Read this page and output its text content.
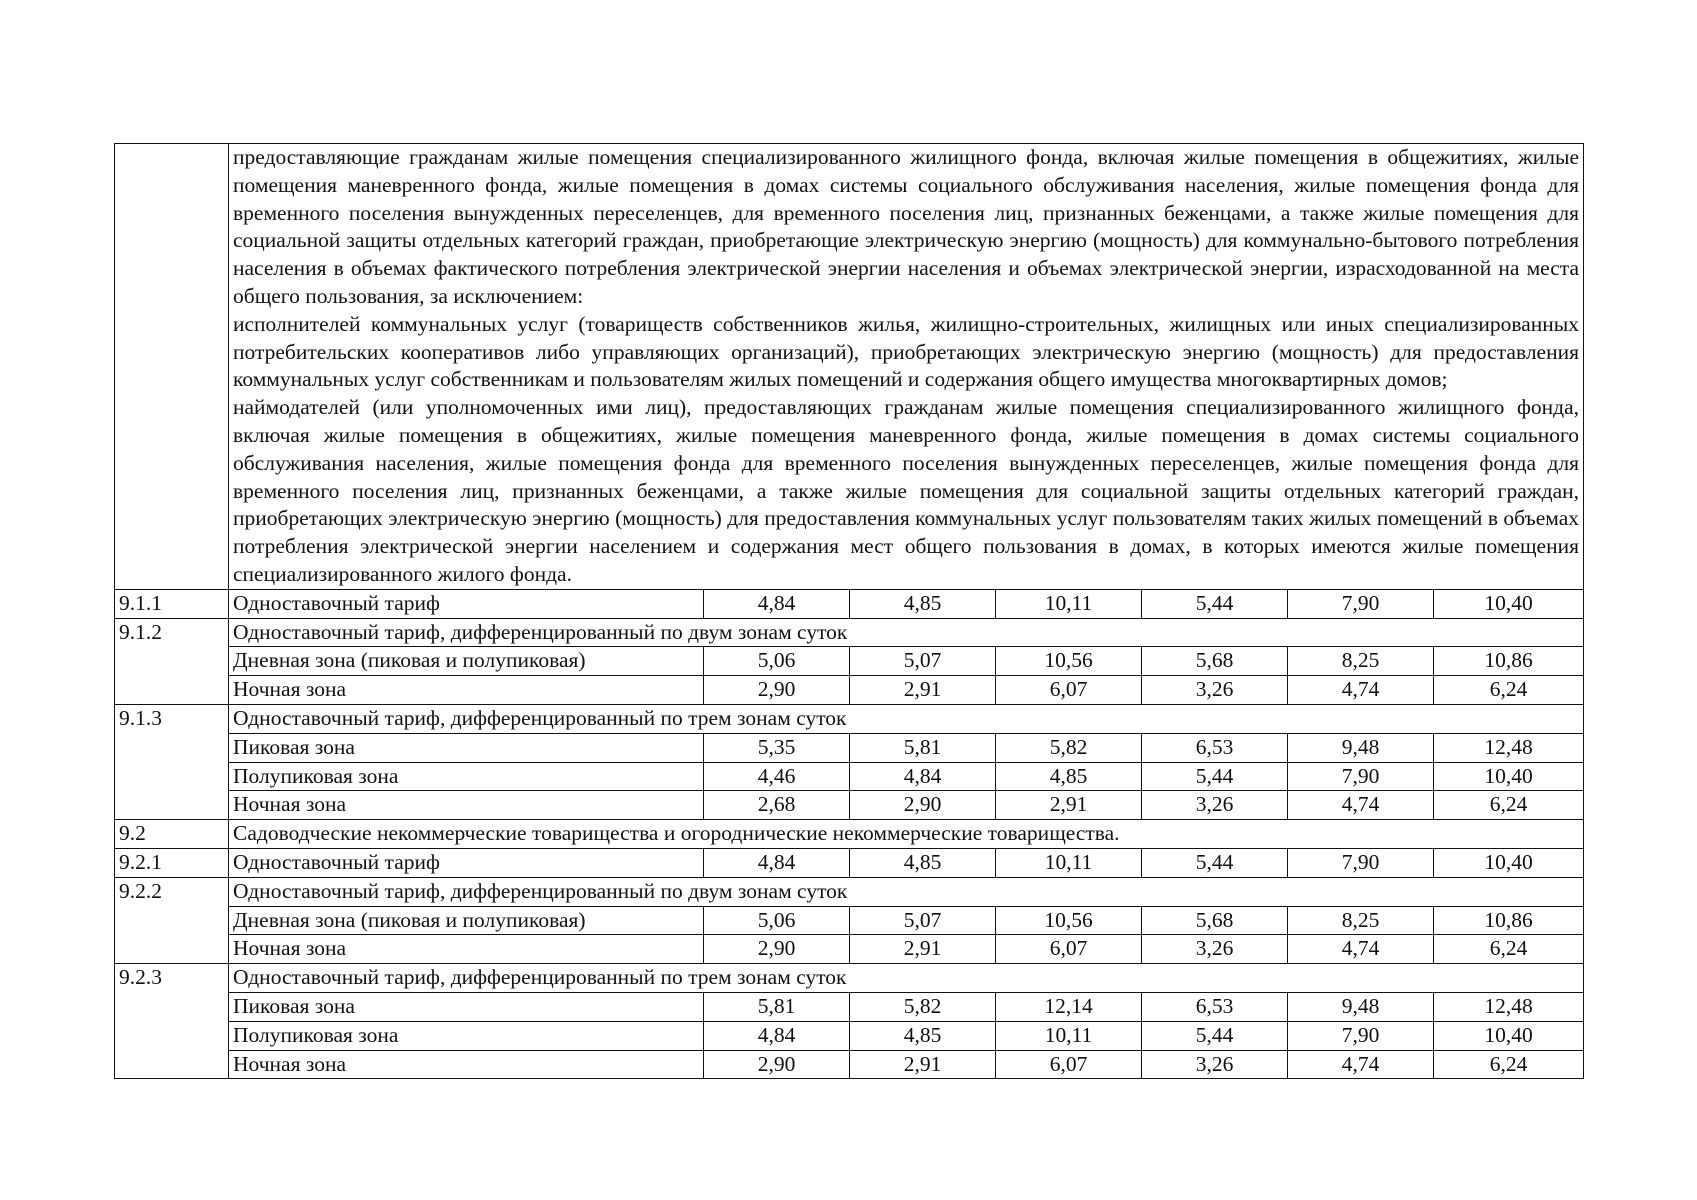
	предоставляющие гражданам жилые помещения специализированного жилищного фонда, включая жилые помещения в общежитиях, жилые помещения маневренного фонда, жилые помещения в домах системы социального обслуживания населения, жилые помещения фонда для временного поселения вынужденных переселенцев, для временного поселения лиц, признанных беженцами, а также жилые помещения для социальной защиты отдельных категорий граждан, приобретающие электрическую энергию (мощность) для коммунально-бытового потребления населения в объемах фактического потребления электрической энергии населения и объемах электрической энергии, израсходованной на места общего пользования, за исключением:

исполнителей коммунальных услуг (товариществ собственников жилья, жилищно-строительных, жилищных или иных специализированных потребительских кооперативов либо управляющих организаций), приобретающих электрическую энергию (мощность) для предоставления коммунальных услуг собственникам и пользователям жилых помещений и содержания общего имущества многоквартирных домов;

наймодателей (или уполномоченных ими лиц), предоставляющих гражданам жилые помещения специализированного жилищного фонда, включая жилые помещения в общежитиях, жилые помещения маневренного фонда, жилые помещения в домах системы социального обслуживания населения, жилые помещения фонда для временного поселения вынужденных переселенцев, жилые помещения фонда для временного поселения лиц, признанных беженцами, а также жилые помещения для социальной защиты отдельных категорий граждан, приобретающих электрическую энергию (мощность) для предоставления коммунальных услуг пользователям таких жилых помещений в объемах потребления электрической энергии населением и содержания мест общего пользования в домах, в которых имеются жилые помещения специализированного жилого фонда.						

9.1.1	Одноставочный тариф	4,84	4,85	10,11	5,44	7,90	10,40
9.1.2	Одноставочный тариф, дифференцированный по двум зонам суток						
	Дневная зона (пиковая и полупиковая)	5,06	5,07	10,56	5,68	8,25	10,86
	Ночная зона	2,90	2,91	6,07	3,26	4,74	6,24
9.1.3	Одноставочный тариф, дифференцированный по трем зонам суток						
	Пиковая зона	5,35	5,81	5,82	6,53	9,48	12,48
	Полупиковая зона	4,46	4,84	4,85	5,44	7,90	10,40
	Ночная зона	2,68	2,90	2,91	3,26	4,74	6,24
9.2	Садоводческие некоммерческие товарищества и огороднические некоммерческие товарищества.						
9.2.1	Одноставочный тариф	4,84	4,85	10,11	5,44	7,90	10,40
9.2.2	Одноставочный тариф, дифференцированный по двум зонам суток						
	Дневная зона (пиковая и полупиковая)	5,06	5,07	10,56	5,68	8,25	10,86
	Ночная зона	2,90	2,91	6,07	3,26	4,74	6,24
9.2.3	Одноставочный тариф, дифференцированный по трем зонам суток						
	Пиковая зона	5,81	5,82	12,14	6,53	9,48	12,48
	Полупиковая зона	4,84	4,85	10,11	5,44	7,90	10,40
	Ночная зона	2,90	2,91	6,07	3,26	4,74	6,24
